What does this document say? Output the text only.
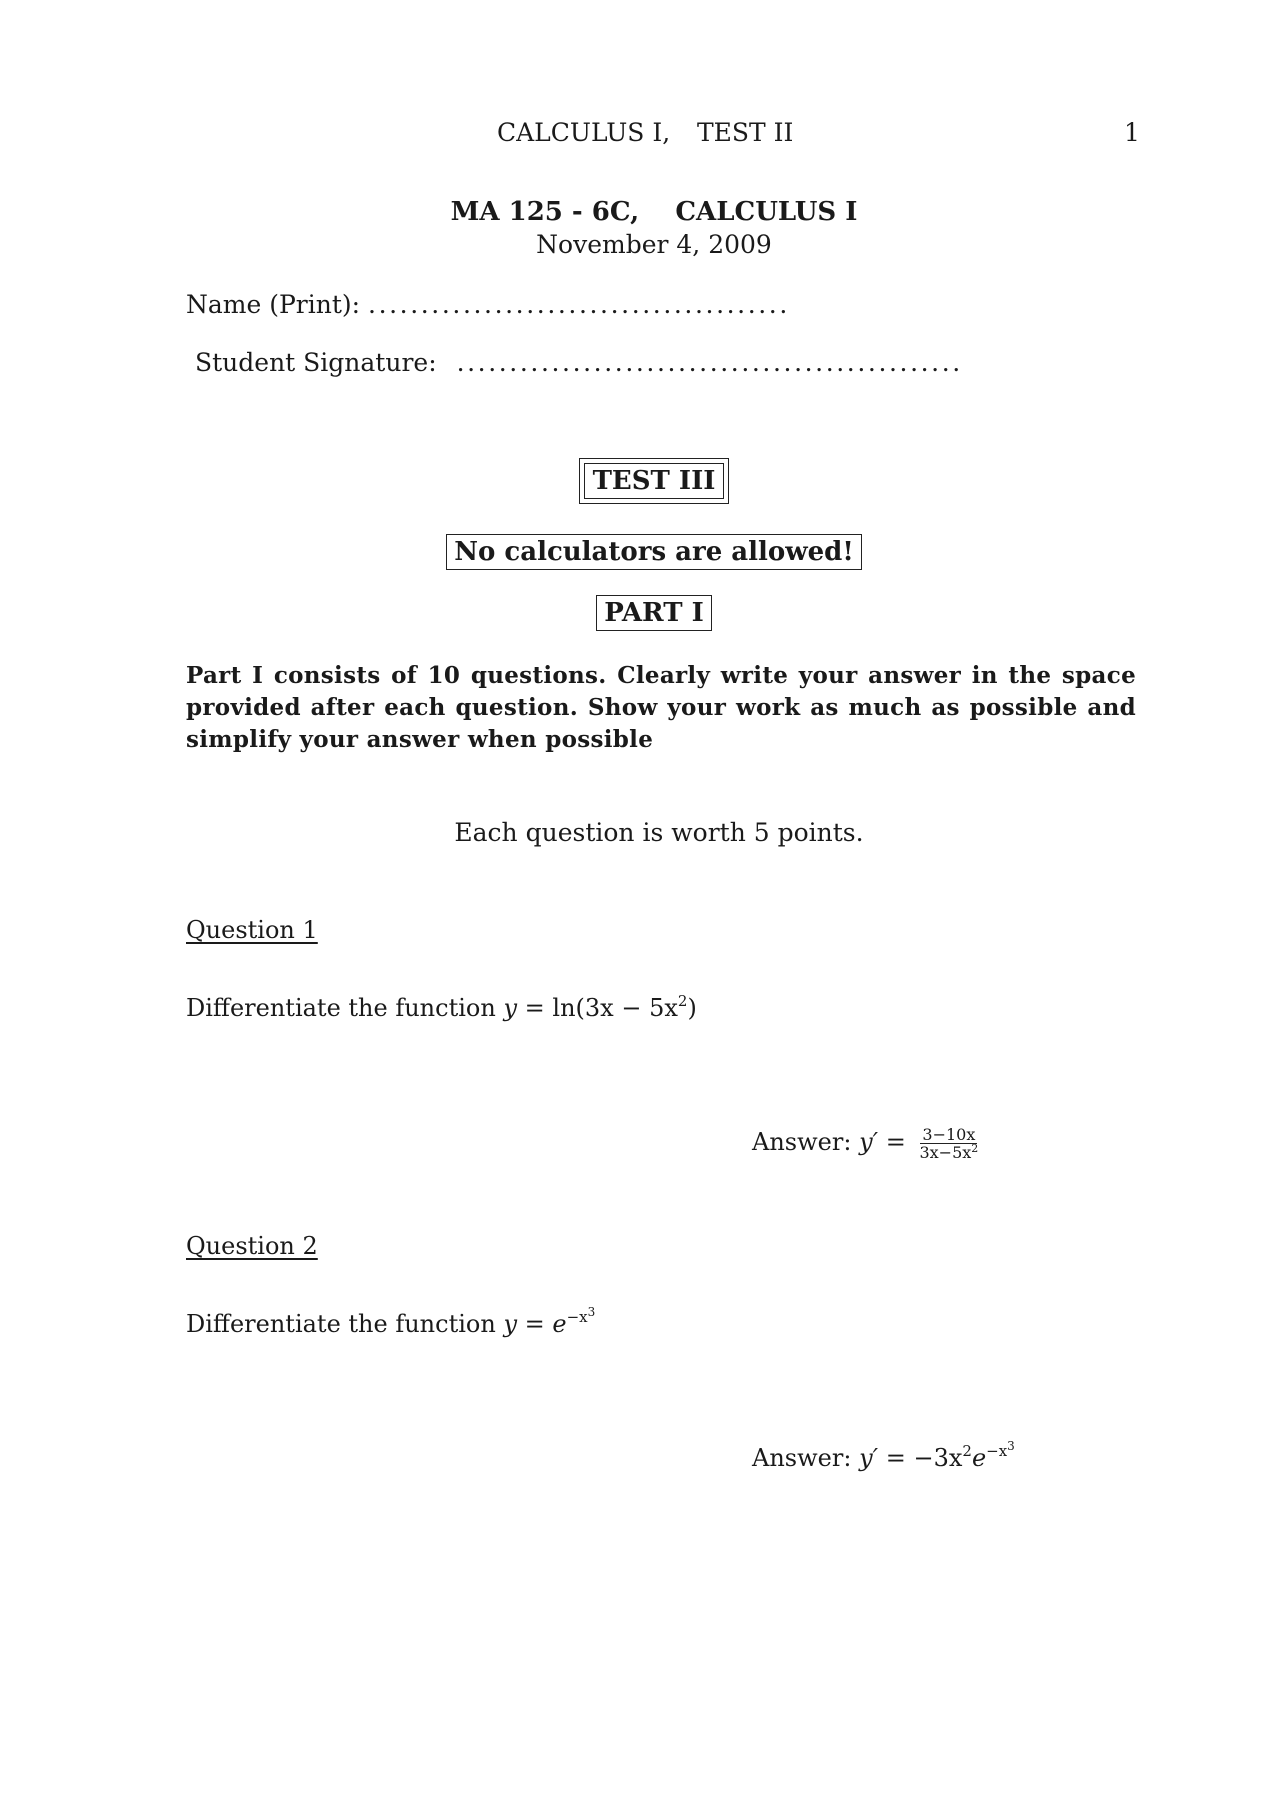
CALCULUS I, TEST II	1
MA 125 - 6C,    CALCULUS I
November 4, 2009
Name (Print): ........................................
Student Signature: ................................................
TEST III
No calculators are allowed!
PART I
Part I consists of 10 questions. Clearly write your answer in the space provided after each question. Show your work as much as possible and simplify your answer when possible
Each question is worth 5 points.
Question 1
Differentiate the function $y = \ln(3x - 5x^2)$
Answer: $y' = \frac{3-10x}{3x-5x^2}$
Question 2
Differentiate the function $y = e^{-x^3}$
Answer: $y' = -3x^2e^{-x^3}$
